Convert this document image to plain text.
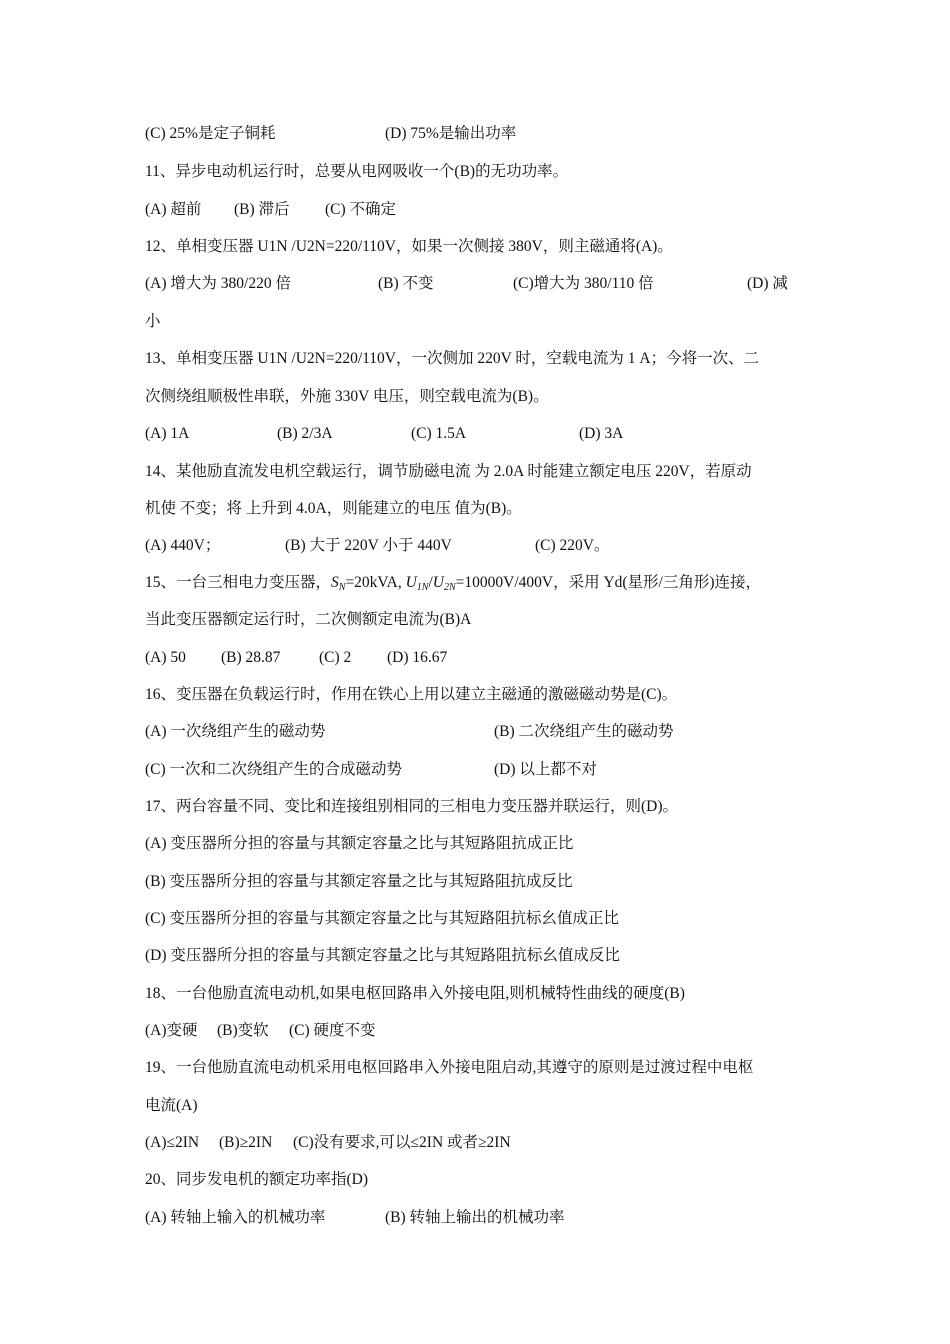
(C) 25%是定子铜耗	(D) 75%是输出功率
11、异步电动机运行时，总要从电网吸收一个(B)的无功功率。
(A) 超前 (B) 滞后 (C) 不确定
12、单相变压器 U1N /U2N=220/110V，如果一次侧接 380V，则主磁通将(A)。
(A) 增大为 380/220 倍	(B) 不变	(C)增大为 380/110 倍	(D) 减
小
13、单相变压器 U1N /U2N=220/110V，一次侧加 220V 时，空载电流为 1 A；今将一次、二
次侧绕组顺极性串联，外施 330V 电压，则空载电流为(B)。
(A) 1A	(B) 2/3A	(C) 1.5A	(D) 3A
14、某他励直流发电机空载运行，调节励磁电流 为 2.0A 时能建立额定电压 220V，若原动
机使 不变；将 上升到 4.0A，则能建立的电压 值为(B)。
(A) 440V；	(B) 大于 220V 小于 440V	(C) 220V。
15、一台三相电力变压器，$S_N=20kVA$, $U_{1N}/U_{2N}=10000V/400V$，采用 Yd(星形/三角形)连接，
当此变压器额定运行时，二次侧额定电流为(B)A
(A) 50 (B) 28.87 (C) 2 (D) 16.67
16、变压器在负载运行时，作用在铁心上用以建立主磁通的激磁磁动势是(C)。
(A) 一次绕组产生的磁动势	(B) 二次绕组产生的磁动势
(C) 一次和二次绕组产生的合成磁动势	(D) 以上都不对
17、两台容量不同、变比和连接组别相同的三相电力变压器并联运行，则(D)。
(A) 变压器所分担的容量与其额定容量之比与其短路阻抗成正比
(B) 变压器所分担的容量与其额定容量之比与其短路阻抗成反比
(C) 变压器所分担的容量与其额定容量之比与其短路阻抗标幺值成正比
(D) 变压器所分担的容量与其额定容量之比与其短路阻抗标幺值成反比
18、一台他励直流电动机,如果电枢回路串入外接电阻,则机械特性曲线的硬度(B)
(A)变硬 (B)变软 (C) 硬度不变
19、一台他励直流电动机采用电枢回路串入外接电阻启动,其遵守的原则是过渡过程中电枢
电流(A)
(A)≤2IN (B)≥2IN (C)没有要求,可以≤2IN 或者≥2IN
20、同步发电机的额定功率指(D)
(A) 转轴上输入的机械功率	(B) 转轴上输出的机械功率
